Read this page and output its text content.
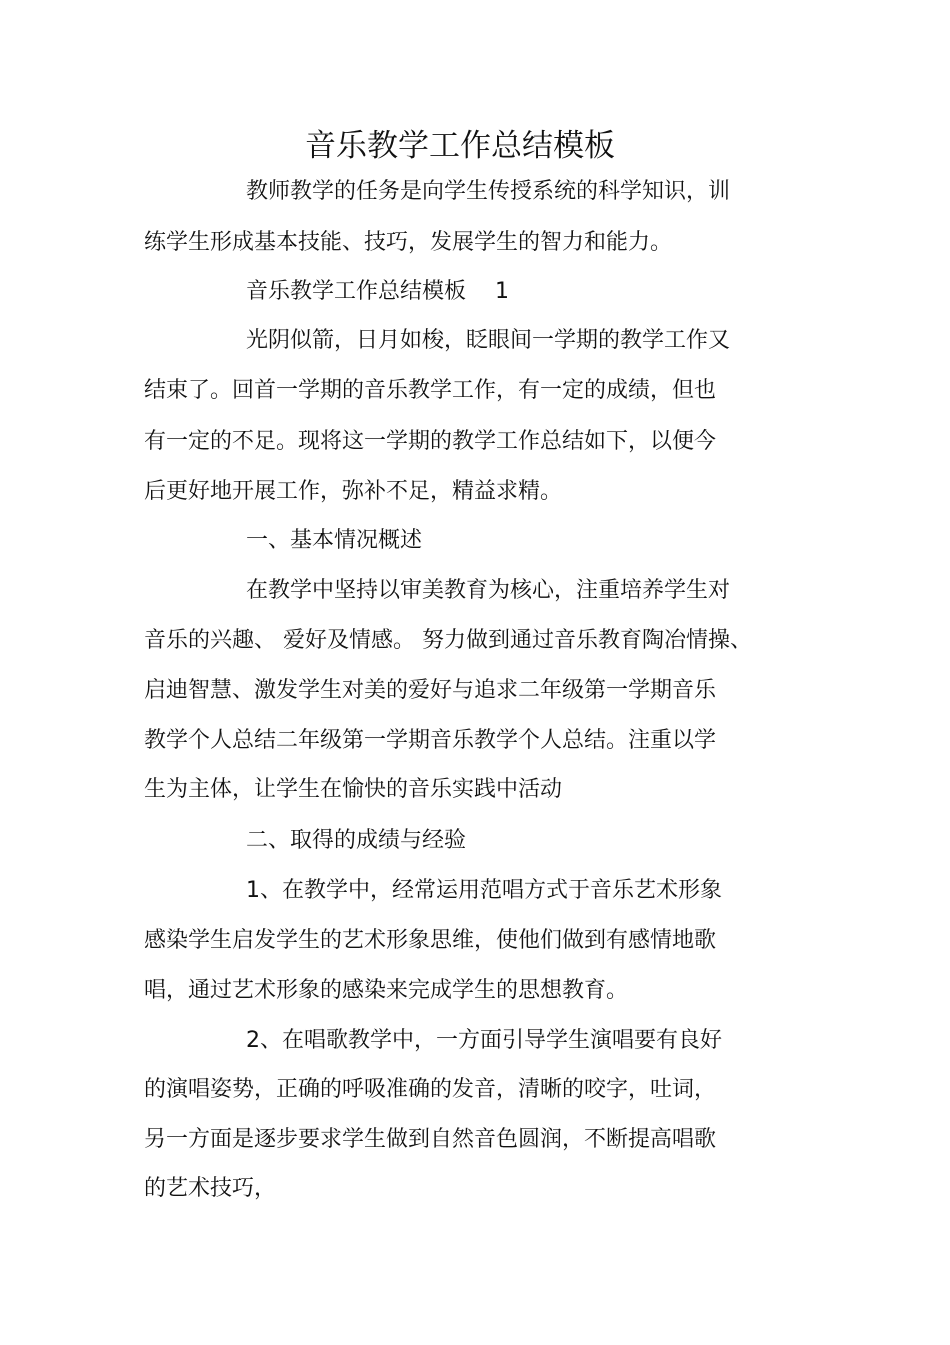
音乐教学工作总结模板
教师教学的任务是向学生传授系统的科学知识，训
练学生形成基本技能、技巧，发展学生的智力和能力。
音乐教学工作总结模板　 1
光阴似箭，日月如梭，眨眼间一学期的教学工作又
结束了。回首一学期的音乐教学工作，有一定的成绩，但也
有一定的不足。现将这一学期的教学工作总结如下，以便今
后更好地开展工作，弥补不足，精益求精。
一、基本情况概述
在教学中坚持以审美教育为核心，注重培养学生对
音乐的兴趣、 爱好及情感。 努力做到通过音乐教育陶冶情操、
启迪智慧、激发学生对美的爱好与追求二年级第一学期音乐
教学个人总结二年级第一学期音乐教学个人总结。注重以学
生为主体，让学生在愉快的音乐实践中活动
二、取得的成绩与经验
1、在教学中，经常运用范唱方式于音乐艺术形象
感染学生启发学生的艺术形象思维，使他们做到有感情地歌
唱，通过艺术形象的感染来完成学生的思想教育。
2、在唱歌教学中，一方面引导学生演唱要有良好
的演唱姿势，正确的呼吸准确的发音，清晰的咬字，吐词，
另一方面是逐步要求学生做到自然音色圆润，不断提高唱歌
的艺术技巧，
